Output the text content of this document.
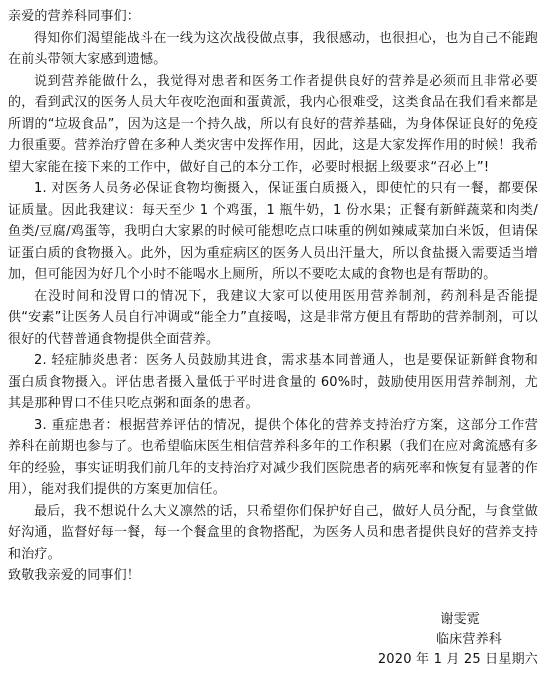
亲爱的营养科同事们：

得知你们渴望能战斗在一线为这次战役做点事，我很感动，也很担心，也为自己不能跑在前头带领大家感到遗憾。

说到营养能做什么，我觉得对患者和医务工作者提供良好的营养是必须而且非常必要的，看到武汉的医务人员大年夜吃泡面和蛋黄派，我内心很难受，这类食品在我们看来都是所谓的“垃圾食品”，因为这是一个持久战，所以有良好的营养基础，为身体保证良好的免疫力很重要。营养治疗曾在多种人类灾害中发挥作用，因此，这是大家发挥作用的时候！我希望大家能在接下来的工作中，做好自己的本分工作，必要时根据上级要求“召必上”!

1. 对医务人员务必保证食物均衡摄入，保证蛋白质摄入，即使忙的只有一餐，都要保证质量。因此我建议：每天至少 1 个鸡蛋，1 瓶牛奶，1 份水果；正餐有新鲜蔬菜和肉类/鱼类/豆腐/鸡蛋等，我明白大家累的时候可能想吃点口味重的例如辣咸菜加白米饭，但请保证蛋白质的食物摄入。此外，因为重症病区的医务人员出汗量大，所以食盐摄入需要适当增加，但可能因为好几个小时不能喝水上厕所，所以不要吃太咸的食物也是有帮助的。

在没时间和没胃口的情况下，我建议大家可以使用医用营养制剂，药剂科是否能提供“安素”让医务人员自行冲调或“能全力”直接喝，这是非常方便且有帮助的营养制剂，可以很好的代替普通食物提供全面营养。

2. 轻症肺炎患者：医务人员鼓励其进食，需求基本同普通人，也是要保证新鲜食物和蛋白质食物摄入。评估患者摄入量低于平时进食量的 60%时，鼓励使用医用营养制剂，尤其是那种胃口不佳只吃点粥和面条的患者。

3. 重症患者：根据营养评估的情况，提供个体化的营养支持治疗方案，这部分工作营养科在前期也参与了。也希望临床医生相信营养科多年的工作积累（我们在应对禽流感有多年的经验，事实证明我们前几年的支持治疗对减少我们医院患者的病死率和恢复有显著的作用），能对我们提供的方案更加信任。

最后，我不想说什么大义凛然的话，只希望你们保护好自己，做好人员分配，与食堂做好沟通，监督好每一餐，每一个餐盒里的食物搭配，为医务人员和患者提供良好的营养支持和治疗。

致敬我亲爱的同事们！

谢雯霓
临床营养科
2020 年 1 月 25 日星期六
